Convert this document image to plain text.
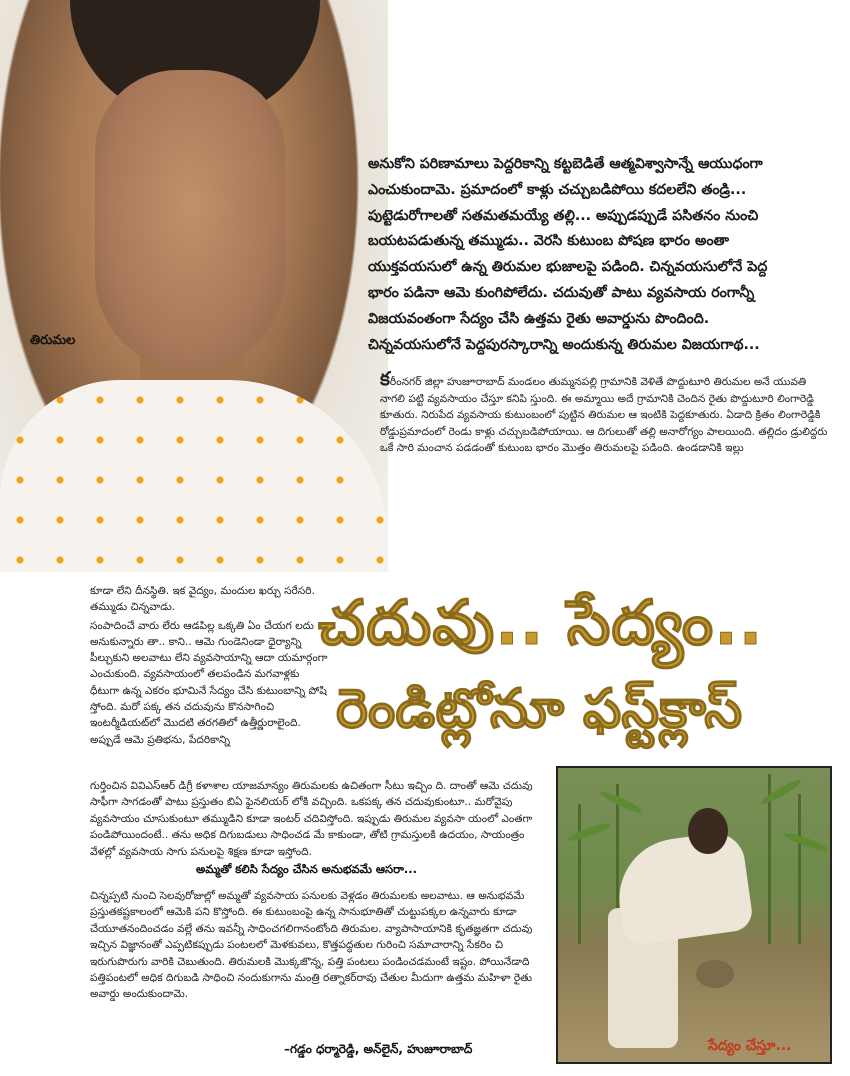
తిరుమల

అనుకోని పరిణామాలు పెద్దరికాన్ని కట్టబెడితే ఆత్మవిశ్వాసాన్నే ఆయుధంగా

ఎంచుకుందామె. ప్రమాదంలో కాళ్లు చచ్చుబడిపోయి కదలలేని తండ్రి...

పుట్టెడురోగాలతో సతమతమయ్యే తల్లి... అప్పుడప్పుడే పసితనం నుంచి

బయటపడుతున్న తమ్ముడు.. వెరసి కుటుంబ పోషణ భారం అంతా

యుక్తవయసులో ఉన్న తిరుమల భుజాలపై పడింది. చిన్నవయసులోనే పెద్ద

భారం పడినా ఆమె కుంగిపోలేదు. చదువుతో పాటు వ్యవసాయ రంగాన్నీ

విజయవంతంగా సేద్యం చేసి ఉత్తమ రైతు అవార్డును పొందింది.

చిన్నవయసులోనే పెద్దపురస్కారాన్ని అందుకున్న తిరుమల విజయగాథ...

కరీంనగర్ జిల్లా హుజూరాబాద్ మండలం తుమ్మనపల్లి గ్రామానికి వెళితే పొద్దుటూరి తిరుమల అనే యువతి నాగలి పట్టి వ్యవసాయం చేస్తూ కనిపి స్తుంది. ఈ అమ్మాయి అదే గ్రామానికి చెందిన రైతు పొద్దుటూరి లింగారెడ్డి కూతురు. నిరుపేద వ్యవసాయ కుటుంబంలో పుట్టిన తిరుమల ఆ ఇంటికి పెద్దకూతురు. ఏడాది క్రితం లింగారెడ్డికి రోడ్డుప్రమాదంలో రెండు కాళ్లు చచ్చుబడిపోయాయి. ఆ దిగులుతో తల్లి అనారోగ్యం పాలయింది. తల్లిదం డ్రులిద్దరు ఒకే సారి మంచాన పడడంతో కుటుంబ భారం మొత్తం తిరుమలపై పడింది. ఉండడానికి ఇల్లు

కూడా లేని దీనస్థితి. ఇక వైద్యం, మందుల ఖర్చు సరేసరి. తమ్ముడు చిన్నవాడు.

సంపాదించే వారు లేరు ఆడపిల్ల ఒక్కతి ఏం చేయగ లదు అనుకున్నారు తా.. కాని.. ఆమె గుండెనిండా ధైర్యాన్ని పీల్చుకుని అలవాటు లేని వ్యవసాయాన్ని ఆదా యమార్గంగా ఎంచుకుంది. వ్యవసాయంలో తలపండిన మగవాళ్లకు ధీటుగా ఉన్న ఎకరం భూమినే సేద్యం చేసి కుటుంబాన్ని పోషి స్తోంది. మరో పక్క తన చదువును కొనసాగించి ఇంటర్మీడియట్‌లో మొదటి తరగతిలో ఉత్తీర్ణురాలైంది. అప్పుడే ఆమె ప్రతిభను, పేదరికాన్ని

చదువు.. సేద్యం..
రెండిట్లోనూ ఫస్ట్‌క్లాస్

గుర్తించిన వివిఎస్‌ఆర్ డిగ్రీ కళాశాల యాజమాన్యం తిరుమలకు ఉచితంగా సీటు ఇచ్చిం ది. దాంతో ఆమె చదువు సాఫీగా సాగడంతో పాటు ప్రస్తుతం బిఏ ఫైనలియర్ లోకి వచ్చింది. ఒకపక్క తన చదువుకుంటూ.. మరోవైపు వ్యవసాయం చూసుకుంటూ తమ్ముడిని కూడా ఇంటర్ చదివిస్తోంది. ఇప్పుడు తిరుమల వ్యవసా యంలో ఎంతగా పండిపోయిందంటే.. తను అధిక దిగుబడులు సాధించడ మే కాకుండా, తోటి గ్రామస్తులకి ఉదయం, సాయంత్రం వేళల్లో వ్యవసాయ సాగు పనులపై శిక్షణ కూడా ఇస్తోంది.

అమ్మతో కలిసి సేద్యం చేసిన అనుభవమే ఆసరా...

చిన్నప్పటి నుంచి సెలవురోజుల్లో అమ్మతో వ్యవసాయ పనులకు వెళ్లడం తిరుమలకు అలవాటు. ఆ అనుభవమే ప్రస్తుతకష్టకాలంలో ఆమెకి పని కొస్తోంది. ఈ కుటుంబంపై ఉన్న సానుభూతితో చుట్టుపక్కల ఉన్నవారు కూడా చేయూతనందించడం వల్లే తను ఇవన్నీ సాధించగలిగానంటోంది తిరుమల. వ్యాపాసాయానికి కృతజ్ఞతగా చదువు ఇచ్చిన విజ్ఞానంతో ఎప్పటికప్పుడు పంటలలో మెళకువలు, కొత్తపద్ధతుల గురించి సమాచారాన్ని సేకరిం చి ఇరుగుపొరుగు వారికి చెబుతుంది. తిరుమలకి మొక్కజొన్న, పత్తి పంటలు పండించడమంటే ఇష్టం. పోయినేడాది పత్తిపంటలో అధిక దిగుబడి సాధించి నందుకుగాను మంత్రి రత్నాకర్‌రావు చేతుల మీదుగా ఉత్తమ మహిళా రైతు అవార్డు అందుకుందామె.

–గడ్డం ధర్మారెడ్డి, అన్‌లైన్, హుజూరాబాద్	సేద్యం చేస్తూ...
